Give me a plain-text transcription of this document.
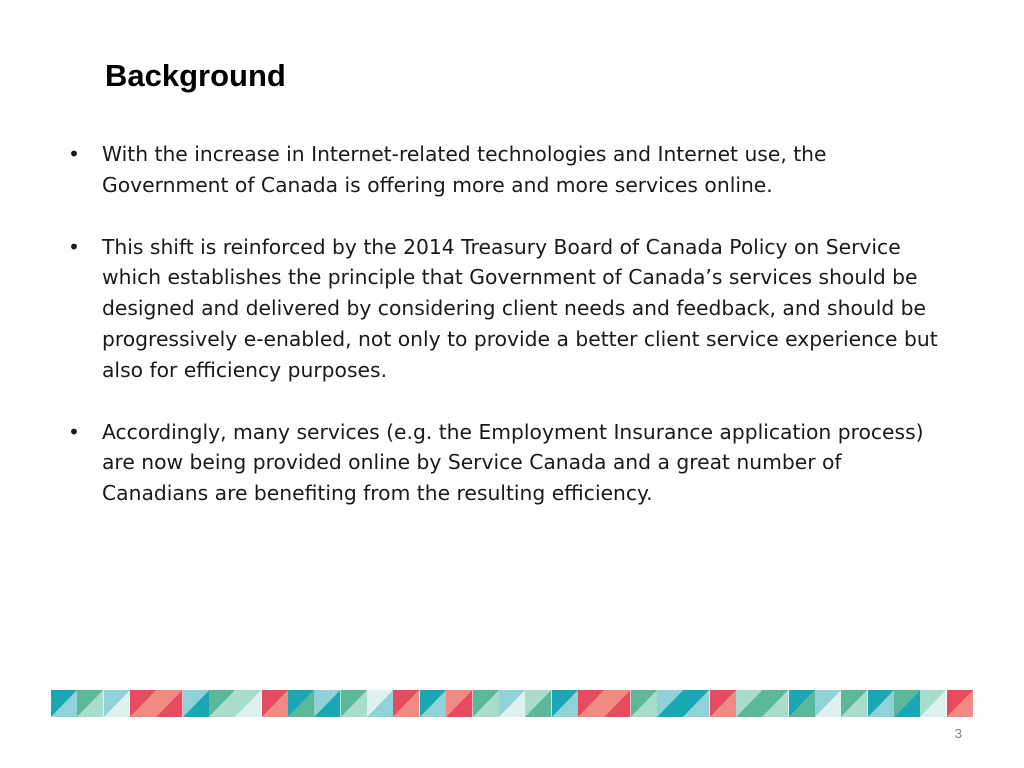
Background
•	With the increase in Internet-related technologies and Internet use, the Government of Canada is offering more and more services online.
•	This shift is reinforced by the 2014 Treasury Board of Canada Policy on Service which establishes the principle that Government of Canada’s services should be designed and delivered by considering client needs and feedback, and should be progressively e-enabled, not only to provide a better client service experience but also for efficiency purposes.
•	Accordingly, many services (e.g. the Employment Insurance application process) are now being provided online by Service Canada and a great number of Canadians are benefiting from the resulting efficiency.
3
